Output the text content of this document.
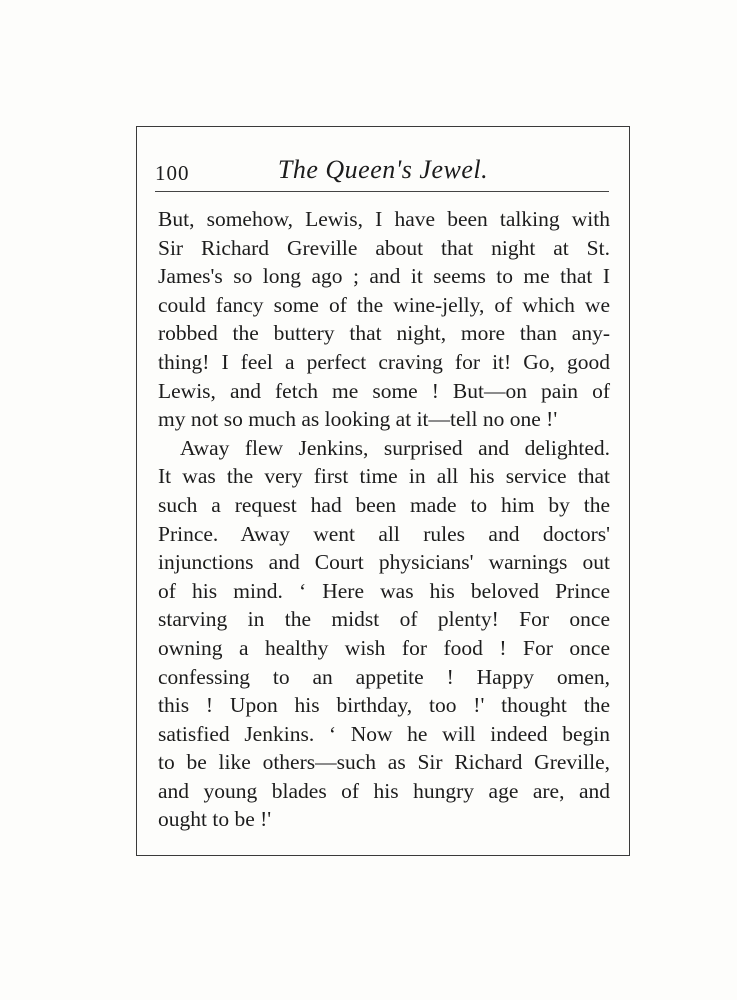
100	The Queen's Jewel.
But, somehow, Lewis, I have been talking with
Sir Richard Greville about that night at St.
James's so long ago ; and it seems to me that I
could fancy some of the wine-jelly, of which we
robbed the buttery that night, more than any-
thing! I feel a perfect craving for it! Go, good
Lewis, and fetch me some ! But—on pain of
my not so much as looking at it—tell no one !'
Away flew Jenkins, surprised and delighted.
It was the very first time in all his service that
such a request had been made to him by the
Prince. Away went all rules and doctors'
injunctions and Court physicians' warnings out
of his mind. ‘ Here was his beloved Prince
starving in the midst of plenty! For once
owning a healthy wish for food ! For once
confessing to an appetite ! Happy omen,
this ! Upon his birthday, too !' thought the
satisfied Jenkins. ‘ Now he will indeed begin
to be like others—such as Sir Richard Greville,
and young blades of his hungry age are, and
ought to be !'
